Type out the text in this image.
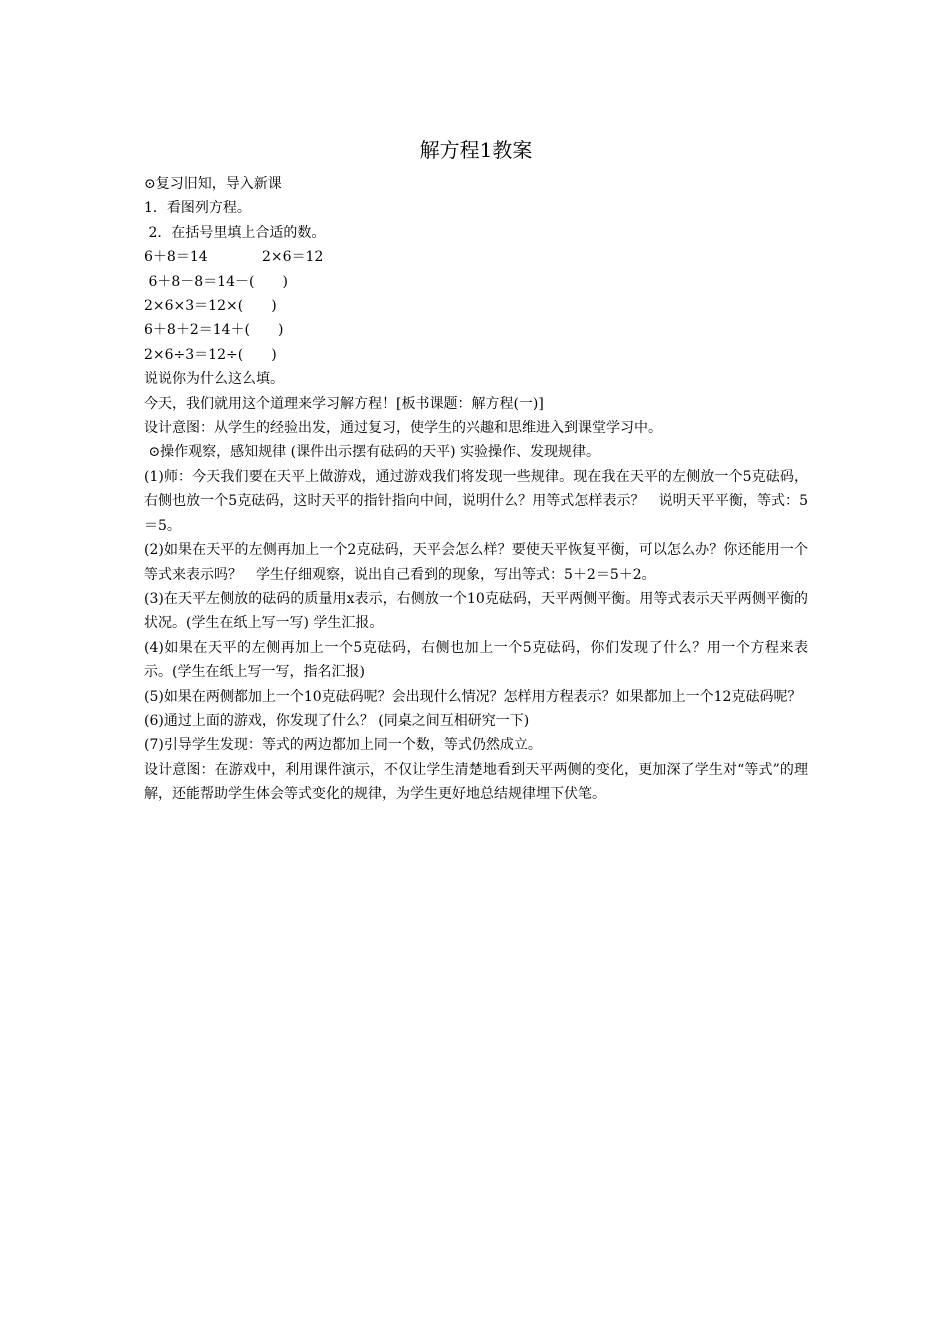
解方程1教案

⊙复习旧知，导入新课

1．看图列方程。

2．在括号里填上合适的数。

6＋8＝14	2×6＝12

6＋8－8＝14－(　　)

2×6×3＝12×(　　)

6＋8＋2＝14＋(　　)

2×6÷3＝12÷(　　)

说说你为什么这么填。

今天，我们就用这个道理来学习解方程！[板书课题：解方程(一)]

设计意图：从学生的经验出发，通过复习，使学生的兴趣和思维进入到课堂学习中。

⊙操作观察，感知规律 (课件出示摆有砝码的天平) 实验操作、发现规律。

(1)师：今天我们要在天平上做游戏，通过游戏我们将发现一些规律。现在我在天平的左侧放一个5克砝码，右侧也放一个5克砝码，这时天平的指针指向中间，说明什么？用等式怎样表示？　说明天平平衡，等式：5＝5。

(2)如果在天平的左侧再加上一个2克砝码，天平会怎么样？要使天平恢复平衡，可以怎么办？你还能用一个等式来表示吗？　学生仔细观察，说出自己看到的现象，写出等式：5＋2＝5＋2。

(3)在天平左侧放的砝码的质量用x表示，右侧放一个10克砝码，天平两侧平衡。用等式表示天平两侧平衡的状况。(学生在纸上写一写) 学生汇报。

(4)如果在天平的左侧再加上一个5克砝码，右侧也加上一个5克砝码，你们发现了什么？用一个方程来表示。(学生在纸上写一写，指名汇报)

(5)如果在两侧都加上一个10克砝码呢？会出现什么情况？怎样用方程表示？如果都加上一个12克砝码呢？

(6)通过上面的游戏，你发现了什么？ (同桌之间互相研究一下)

(7)引导学生发现：等式的两边都加上同一个数，等式仍然成立。

设计意图：在游戏中，利用课件演示，不仅让学生清楚地看到天平两侧的变化，更加深了学生对“等式”的理解，还能帮助学生体会等式变化的规律，为学生更好地总结规律埋下伏笔。
